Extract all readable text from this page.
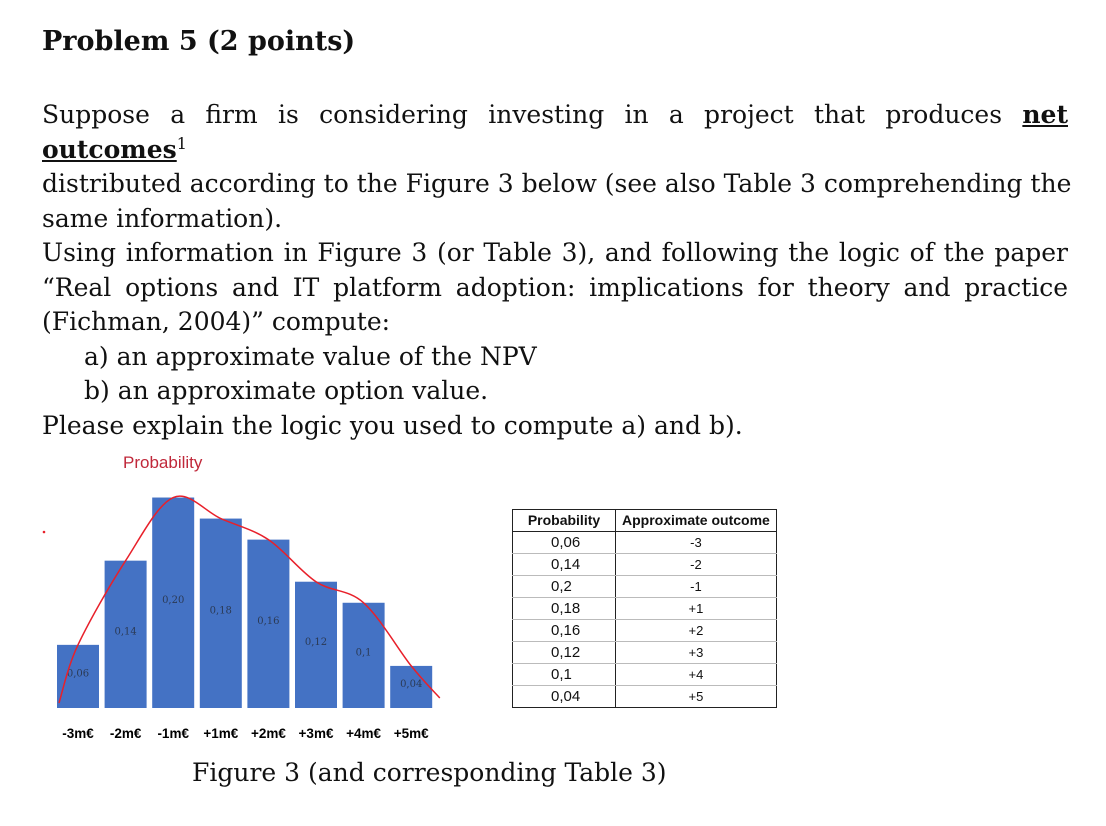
Problem 5 (2 points)
Suppose a firm is considering investing in a project that produces net outcomes$^1$
distributed according to the Figure 3 below (see also Table 3 comprehending the
same information).
Using information in Figure 3 (or Table 3), and following the logic of the paper
“Real options and IT platform adoption: implications for theory and practice
(Fichman, 2004)” compute:
a) an approximate value of the NPV
b) an approximate option value.
Please explain the logic you used to compute a) and b).
Probability
0,06
0,14
0,20
0,18
0,16
0,12
0,1
0,04
-3m€ -2m€ -1m€ +1m€ +2m€ +3m€ +4m€ +5m€
Probability	Approximate outcome
0,06	-3
0,14	-2
0,2	-1
0,18	+1
0,16	+2
0,12	+3
0,1	+4
0,04	+5

Figure 3 (and corresponding Table 3)
